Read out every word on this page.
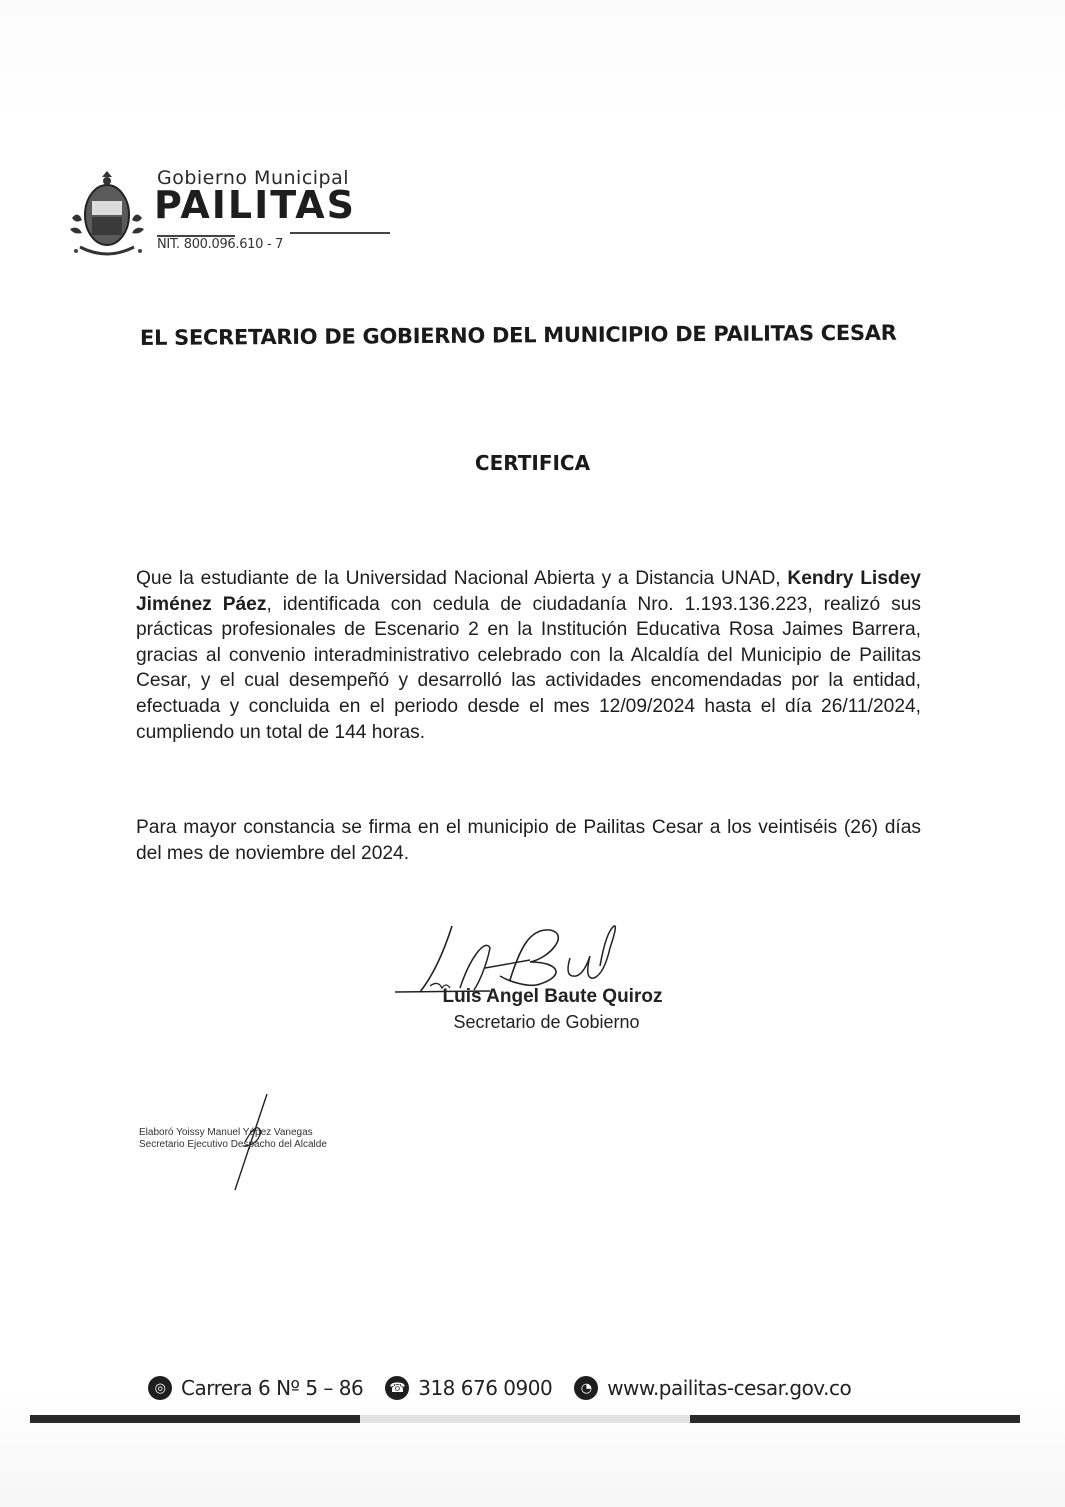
Gobierno Municipal
PAILITAS
NIT. 800.096.610 - 7
EL SECRETARIO DE GOBIERNO DEL MUNICIPIO DE PAILITAS CESAR
CERTIFICA
Que la estudiante de la Universidad Nacional Abierta y a Distancia UNAD, Kendry Lisdey Jiménez Páez, identificada con cedula de ciudadanía Nro. 1.193.136.223, realizó sus prácticas profesionales de Escenario 2 en la Institución Educativa Rosa Jaimes Barrera, gracias al convenio interadministrativo celebrado con la Alcaldía del Municipio de Pailitas Cesar, y el cual desempeñó y desarrolló las actividades encomendadas por la entidad, efectuada y concluida en el periodo desde el mes 12/09/2024 hasta el día 26/11/2024, cumpliendo un total de 144 horas.
Para mayor constancia se firma en el municipio de Pailitas Cesar a los veintiséis (26) días del mes de noviembre del 2024.
Luis Angel Baute Quiroz
Secretario de Gobierno
Elaboró Yoissy Manuel Yépez Vanegas
Secretario Ejecutivo Despacho del Alcalde
◎ Carrera 6 Nº 5 – 86	☎ 318 676 0900	◔ www.pailitas-cesar.gov.co
